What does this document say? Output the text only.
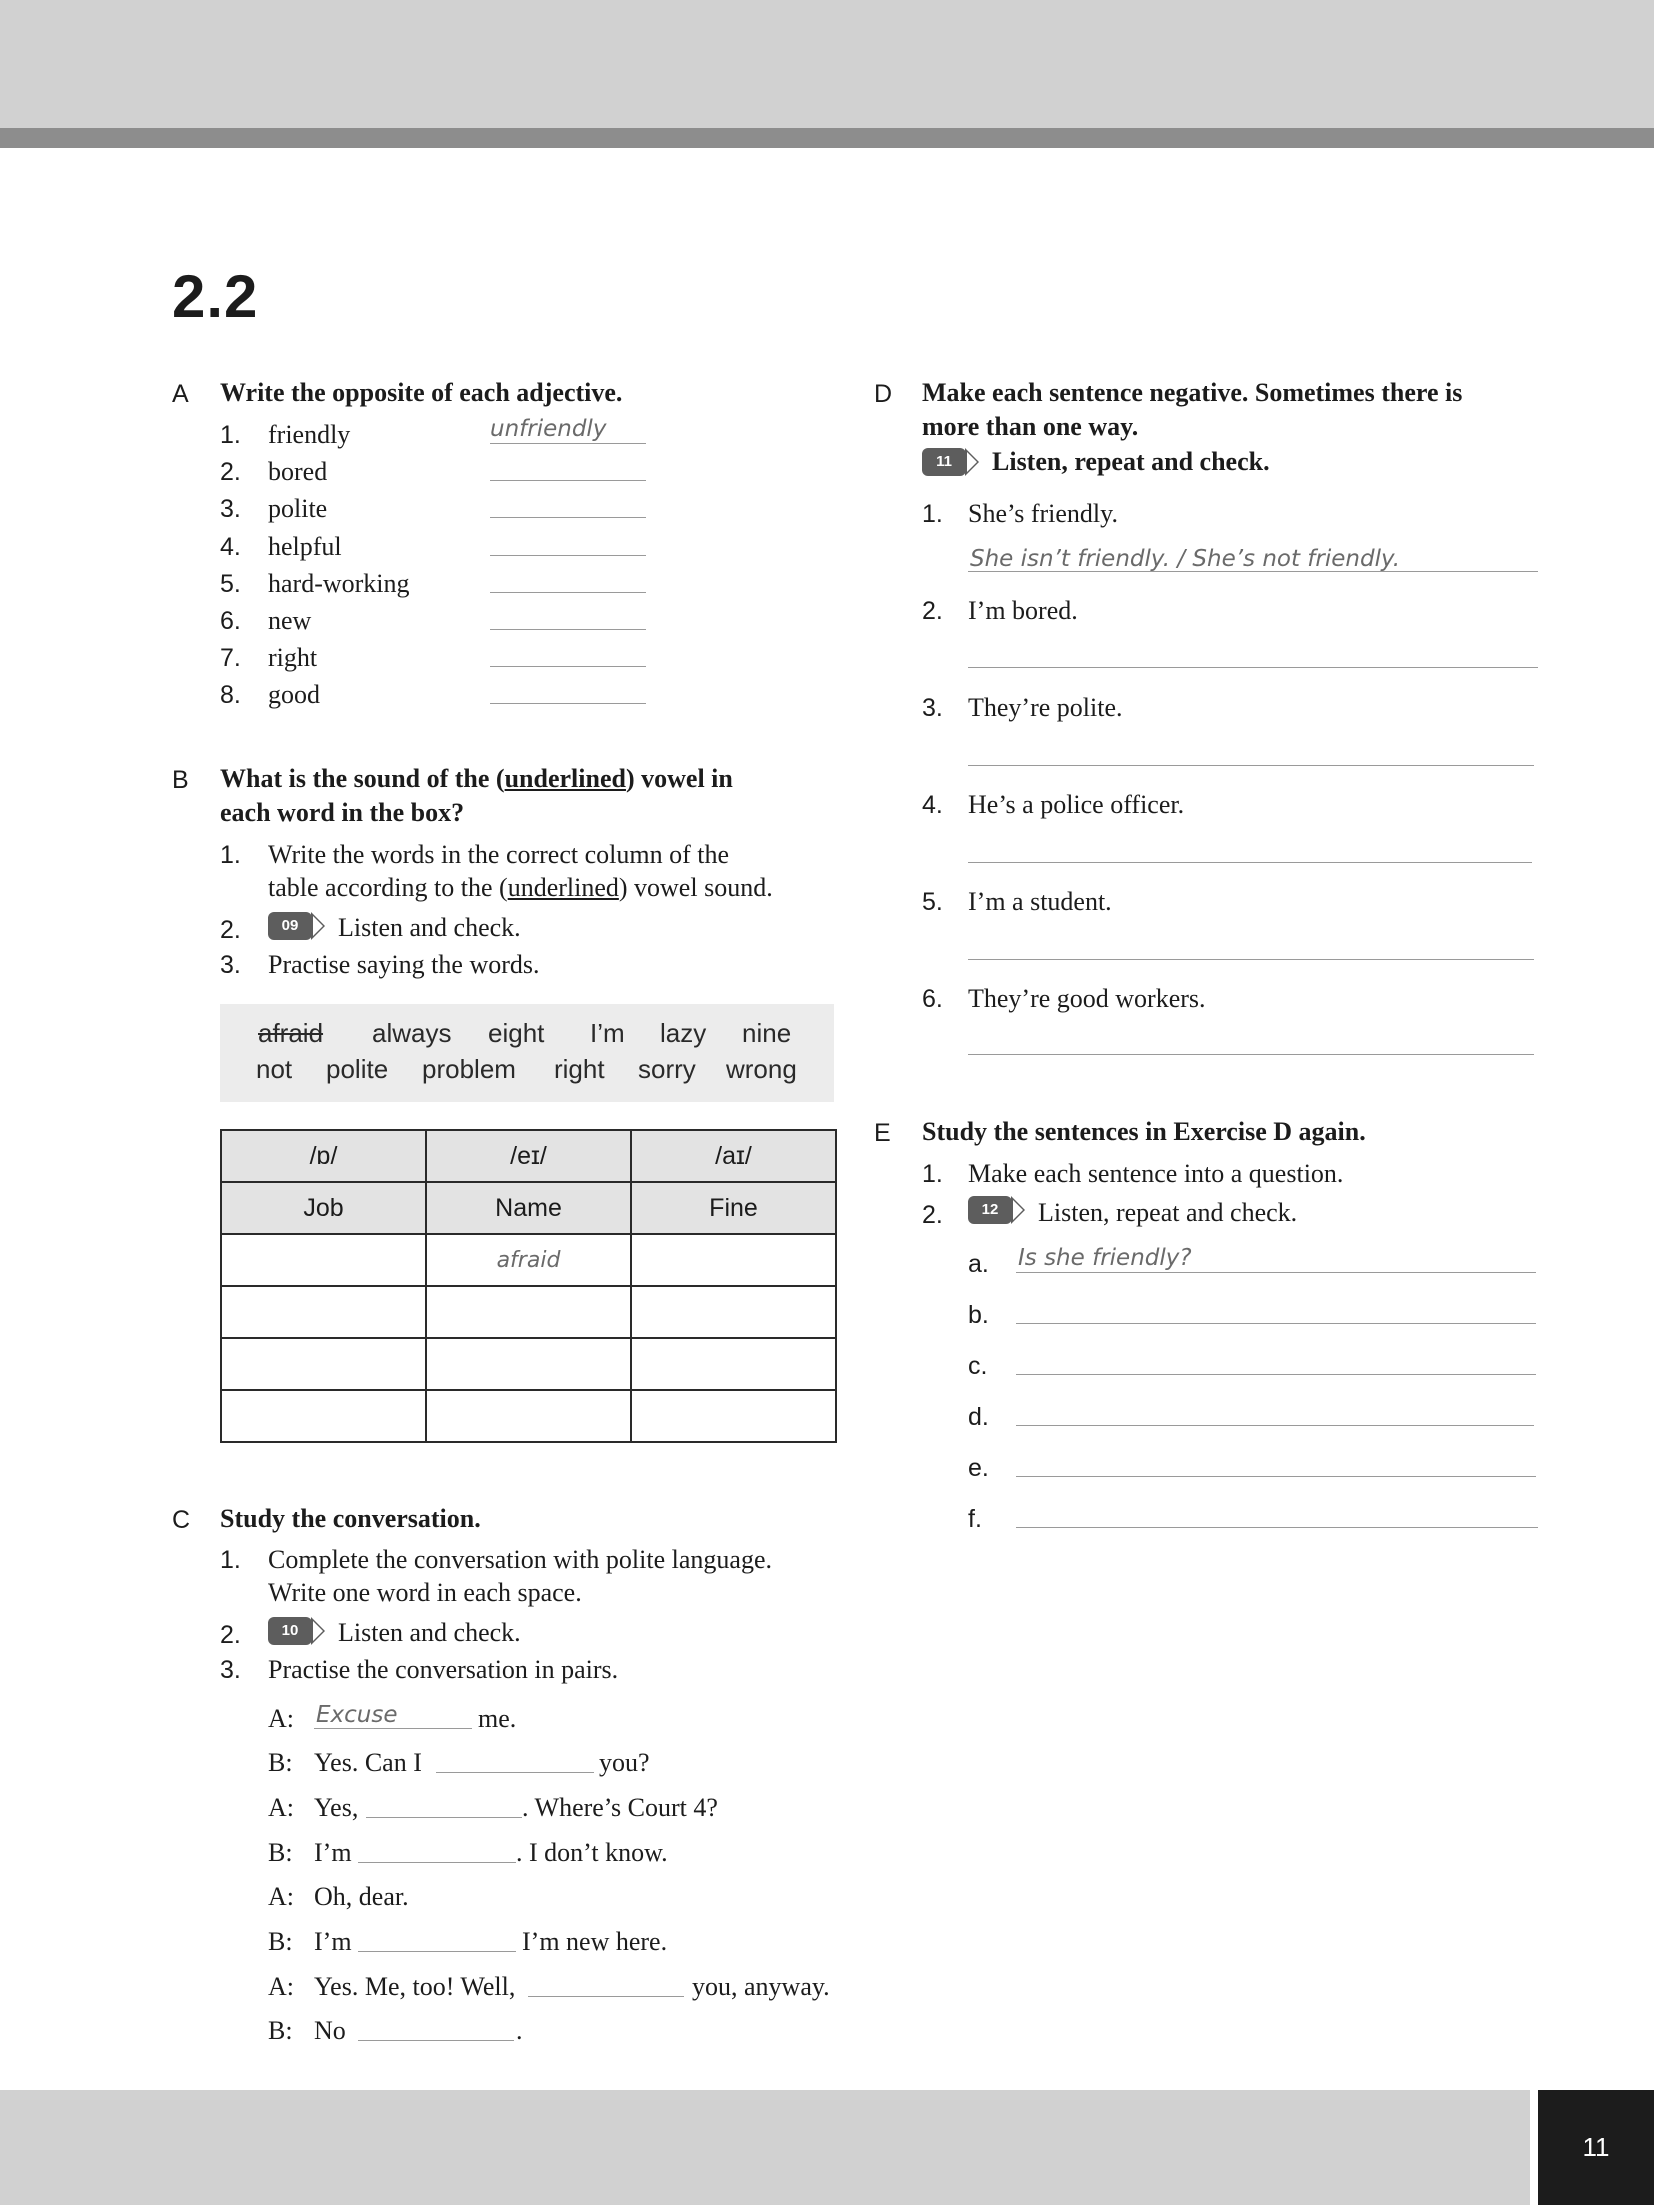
11
2.2
A Write the opposite of each adjective.
1. friendly	unfriendly
2. bored
3. polite
4. helpful
5. hard-working
6. new
7. right
8. good
B What is the sound of the (underlined) vowel in
each word in the box?
1. Write the words in the correct column of the
table according to the (underlined) vowel sound.
2.	09	Listen and check.
3. Practise saying the words.
afraid always eight I’m lazy nine
not polite problem right sorry wrong
/ɒ/	/eɪ/	/aɪ/
Job	Name	Fine
	afraid	

C Study the conversation.
1. Complete the conversation with polite language.
Write one word in each space.
2.	10	Listen and check.
3. Practise the conversation in pairs.
A: Excuse	me.
B: Yes. Can I	you?
A: Yes,	. Where’s Court 4?
B: I’m	. I don’t know.
A: Oh, dear.
B: I’m	I’m new here.
A: Yes. Me, too! Well,	you, anyway.
B: No	.
D Make each sentence negative. Sometimes there is
more than one way.
11	Listen, repeat and check.
1. She’s friendly.
She isn’t friendly. / She’s not friendly.
2. I’m bored.
3. They’re polite.
4. He’s a police officer.
5. I’m a student.
6. They’re good workers.
E Study the sentences in Exercise D again.
1. Make each sentence into a question.
2.	12	Listen, repeat and check.
a. Is she friendly?
b.
c.
d.
e.
f.
